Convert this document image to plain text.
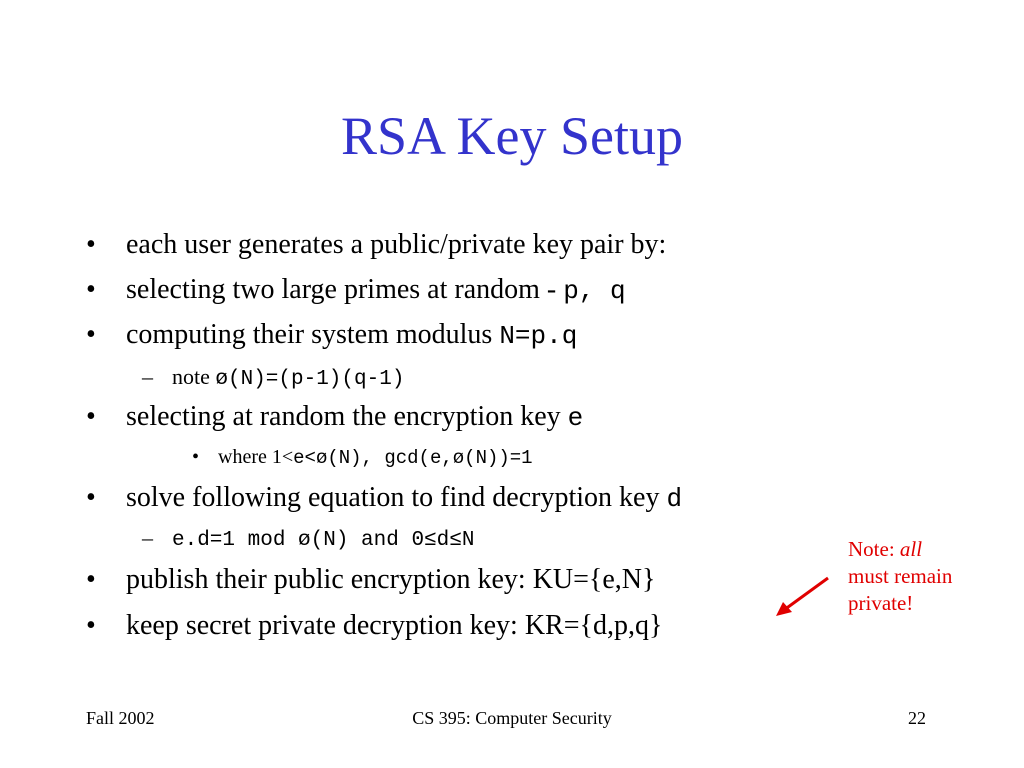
RSA Key Setup
• each user generates a public/private key pair by:
• selecting two large primes at random - p, q
• computing their system modulus N=p.q
– note ø(N)=(p-1)(q-1)
• selecting at random the encryption key e
• where 1<e<ø(N), gcd(e,ø(N))=1
• solve following equation to find decryption key d
– e.d=1 mod ø(N) and 0≤d≤N
• publish their public encryption key: KU={e,N}
• keep secret private decryption key: KR={d,p,q}
Note: all
must remain private!
Fall 2002	CS 395: Computer Security	22
